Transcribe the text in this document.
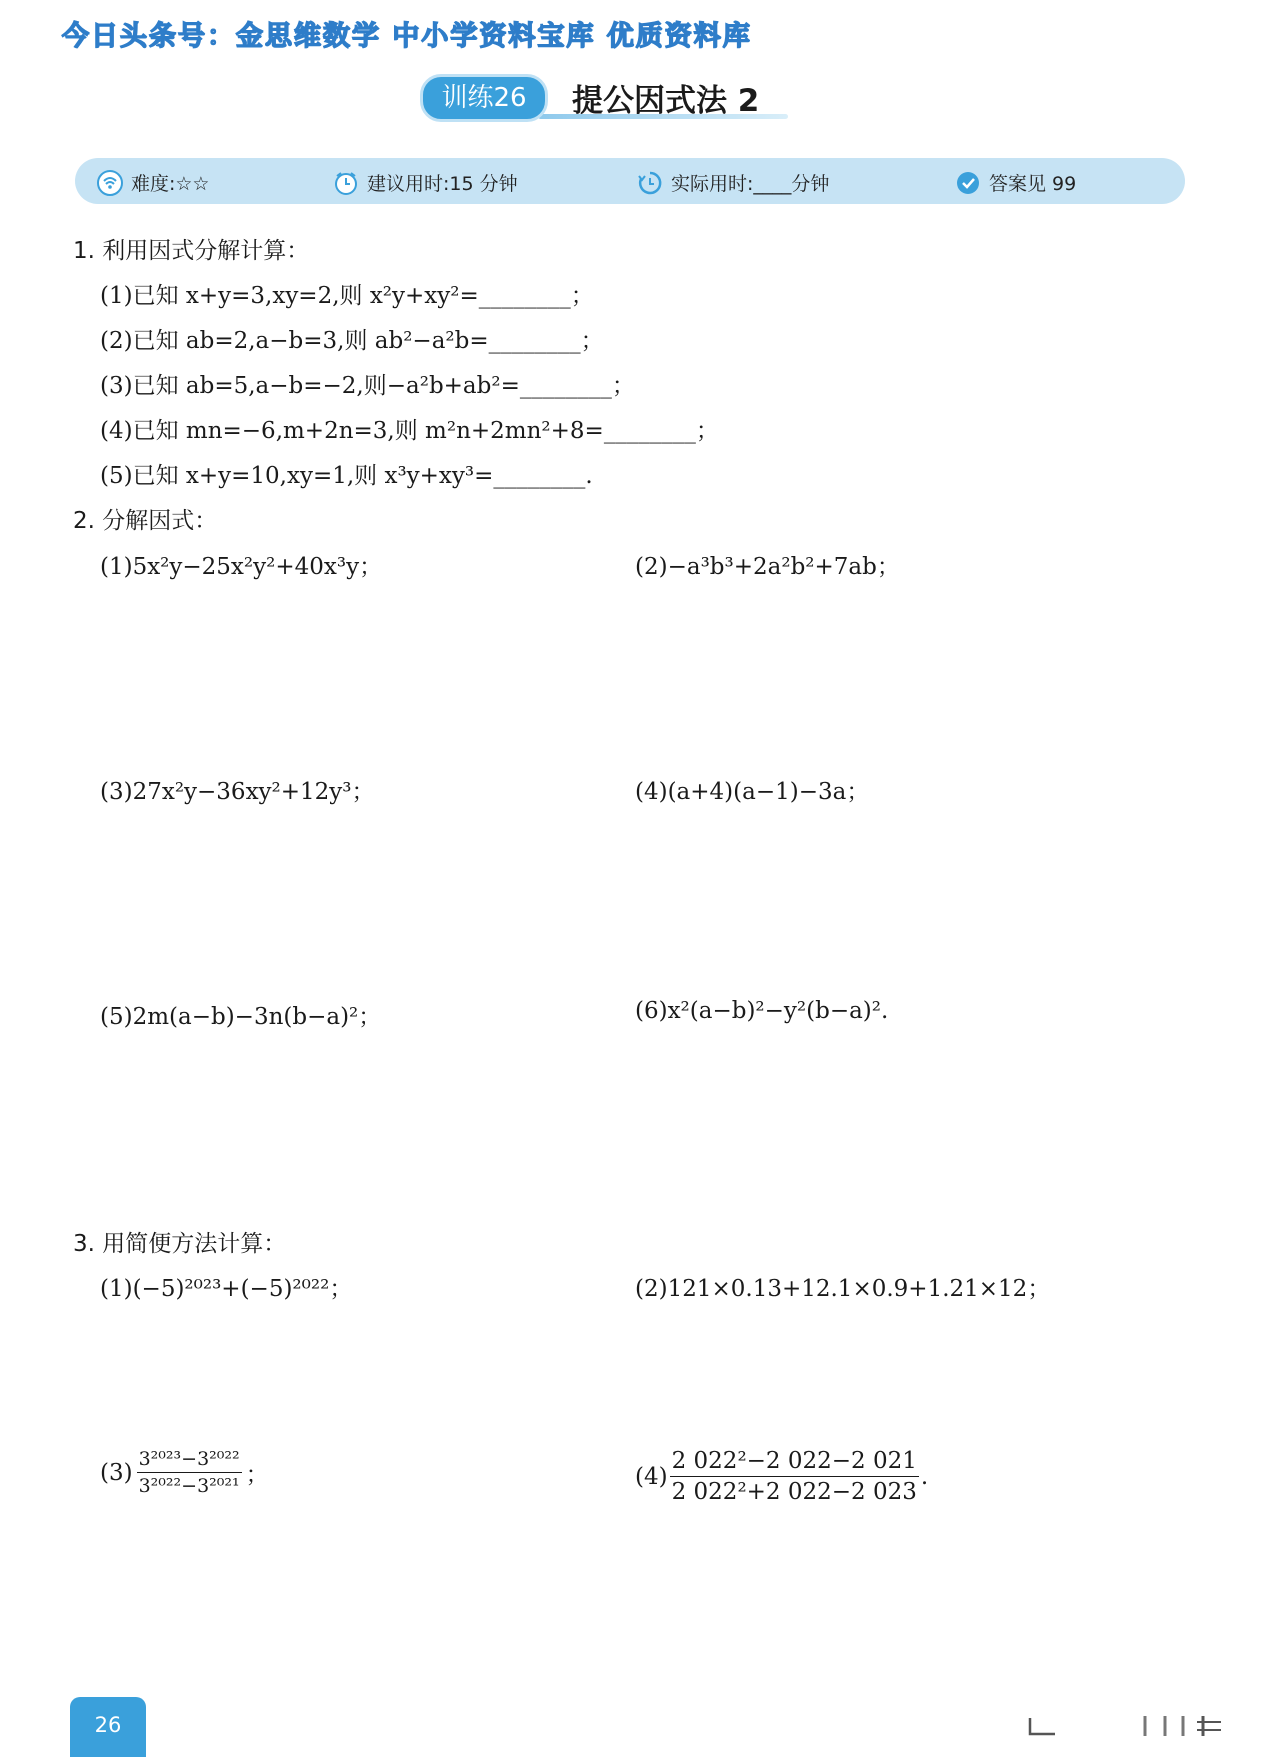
今日头条号：金思维数学 中小学资料宝库 优质资料库
训练26	提公因式法 2
难度:☆☆	建议用时:15 分钟	实际用时:____分钟	答案见 99
1. 利用因式分解计算：
(1)已知 x+y=3,xy=2,则 x²y+xy²=________；
(2)已知 ab=2,a−b=3,则 ab²−a²b=________；
(3)已知 ab=5,a−b=−2,则−a²b+ab²=________；
(4)已知 mn=−6,m+2n=3,则 m²n+2mn²+8=________；
(5)已知 x+y=10,xy=1,则 x³y+xy³=________.
2. 分解因式：
(1)5x²y−25x²y²+40x³y；	(2)−a³b³+2a²b²+7ab；
(3)27x²y−36xy²+12y³；	(4)(a+4)(a−1)−3a；
(5)2m(a−b)−3n(b−a)²；	(6)x²(a−b)²−y²(b−a)².
3. 用简便方法计算：
(1)(−5)²⁰²³+(−5)²⁰²²；	(2)121×0.13+12.1×0.9+1.21×12；
$(3) \frac{\text{3²⁰²³−3²⁰²²}}{\text{3²⁰²²−3²⁰²¹}}$ ；	$(4) \frac{\text{2 022²−2 022−2 021}}{\text{2 022²+2 022−2 023}}$ .
26
